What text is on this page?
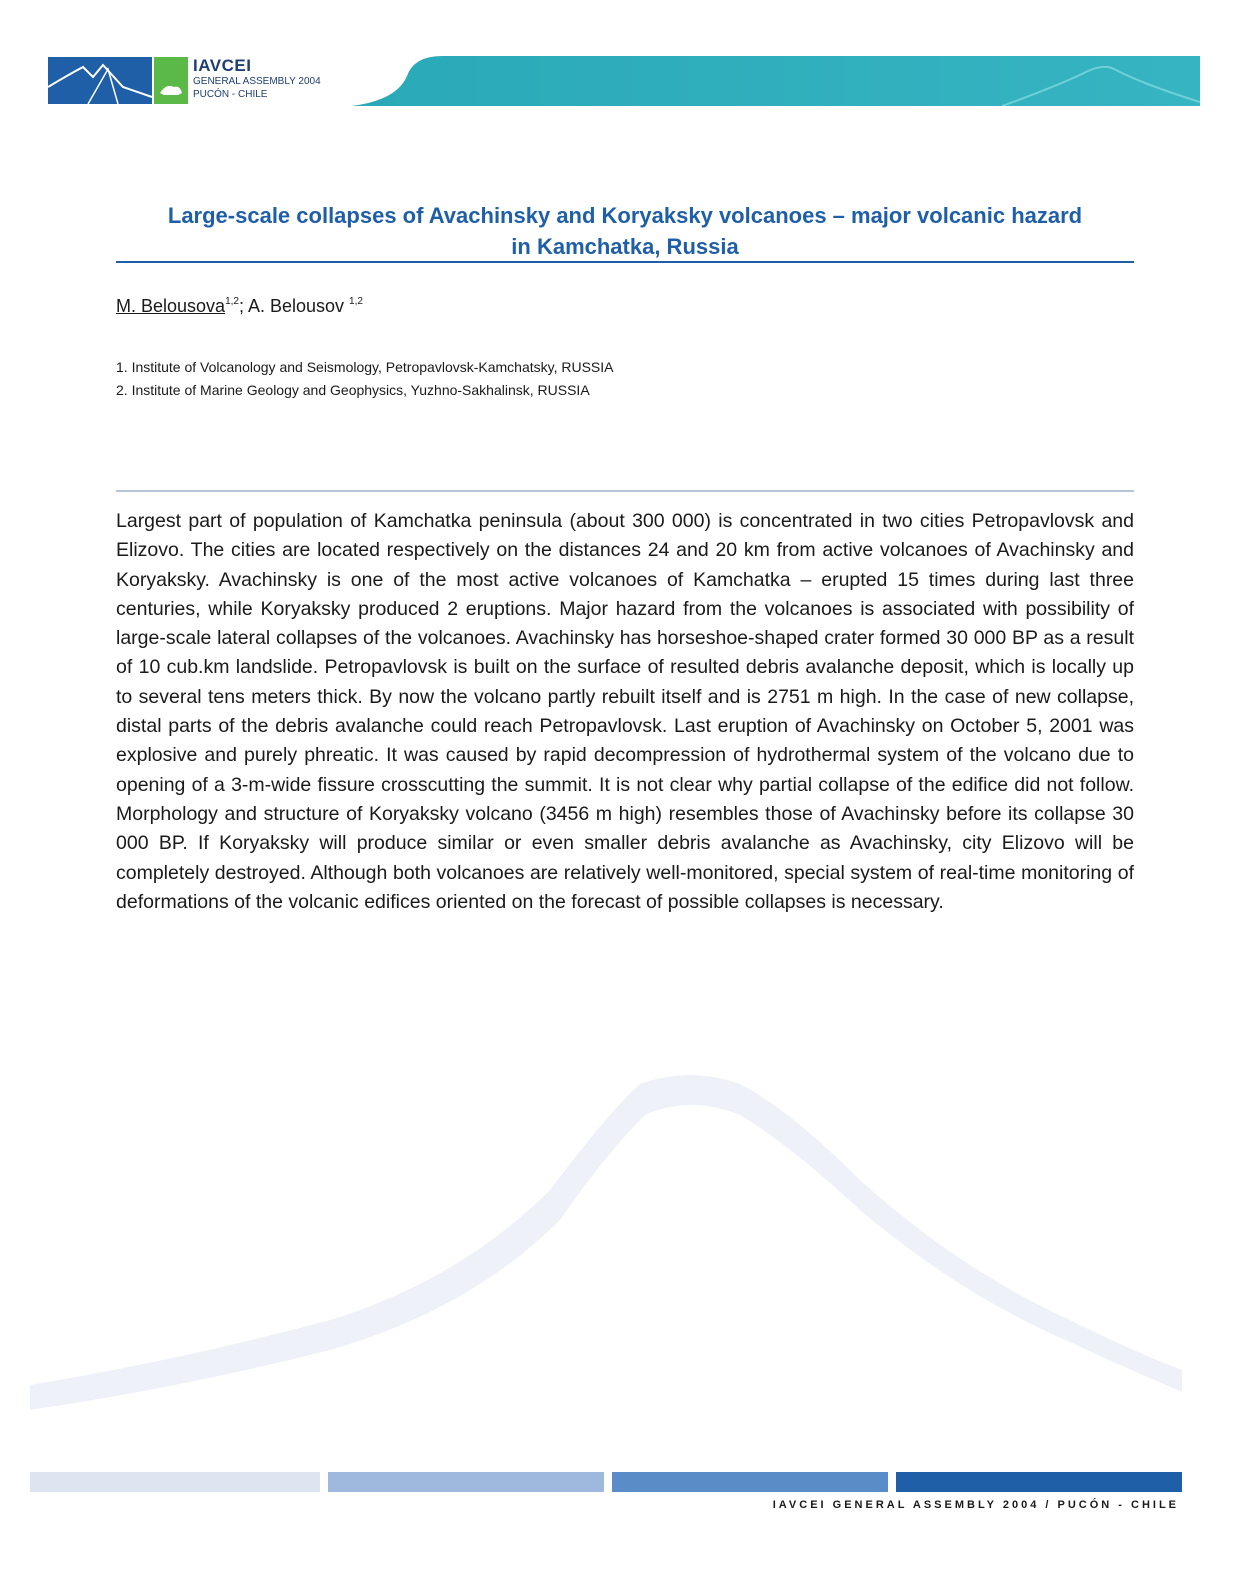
IAVCEI
GENERAL ASSEMBLY 2004
PUCÓN - CHILE
Large-scale collapses of Avachinsky and Koryaksky volcanoes – major volcanic hazard
in Kamchatka, Russia
M. Belousova$^{1,2}$; A. Belousov $^{1,2}$
1. Institute of Volcanology and Seismology, Petropavlovsk-Kamchatsky, RUSSIA
2. Institute of Marine Geology and Geophysics, Yuzhno-Sakhalinsk, RUSSIA

Largest part of population of Kamchatka peninsula (about 300 000) is concentrated in two cities Petropavlovsk and Elizovo. The cities are located respectively on the distances 24 and 20 km from active volcanoes of Avachinsky and Koryaksky. Avachinsky is one of the most active volcanoes of Kamchatka – erupted 15 times during last three centuries, while Koryaksky produced 2 eruptions. Major hazard from the volcanoes is associated with possibility of large-scale lateral collapses of the volcanoes. Avachinsky has horseshoe-shaped crater formed 30 000 BP as a result of 10 cub.km landslide. Petropavlovsk is built on the surface of resulted debris avalanche deposit, which is locally up to several tens meters thick. By now the volcano partly rebuilt itself and is 2751 m high. In the case of new collapse, distal parts of the debris avalanche could reach Petropavlovsk. Last eruption of Avachinsky on October 5, 2001 was explosive and purely phreatic. It was caused by rapid decompression of hydrothermal system of the volcano due to opening of a 3-m-wide fissure crosscutting the summit. It is not clear why partial collapse of the edifice did not follow. Morphology and structure of Koryaksky volcano (3456 m high) resembles those of Avachinsky before its collapse 30 000 BP. If Koryaksky will produce similar or even smaller debris avalanche as Avachinsky, city Elizovo will be completely destroyed. Although both volcanoes are relatively well-monitored, special system of real-time monitoring of deformations of the volcanic edifices oriented on the forecast of possible collapses is necessary.

IAVCEI GENERAL ASSEMBLY 2004 / PUCÓN - CHILE
